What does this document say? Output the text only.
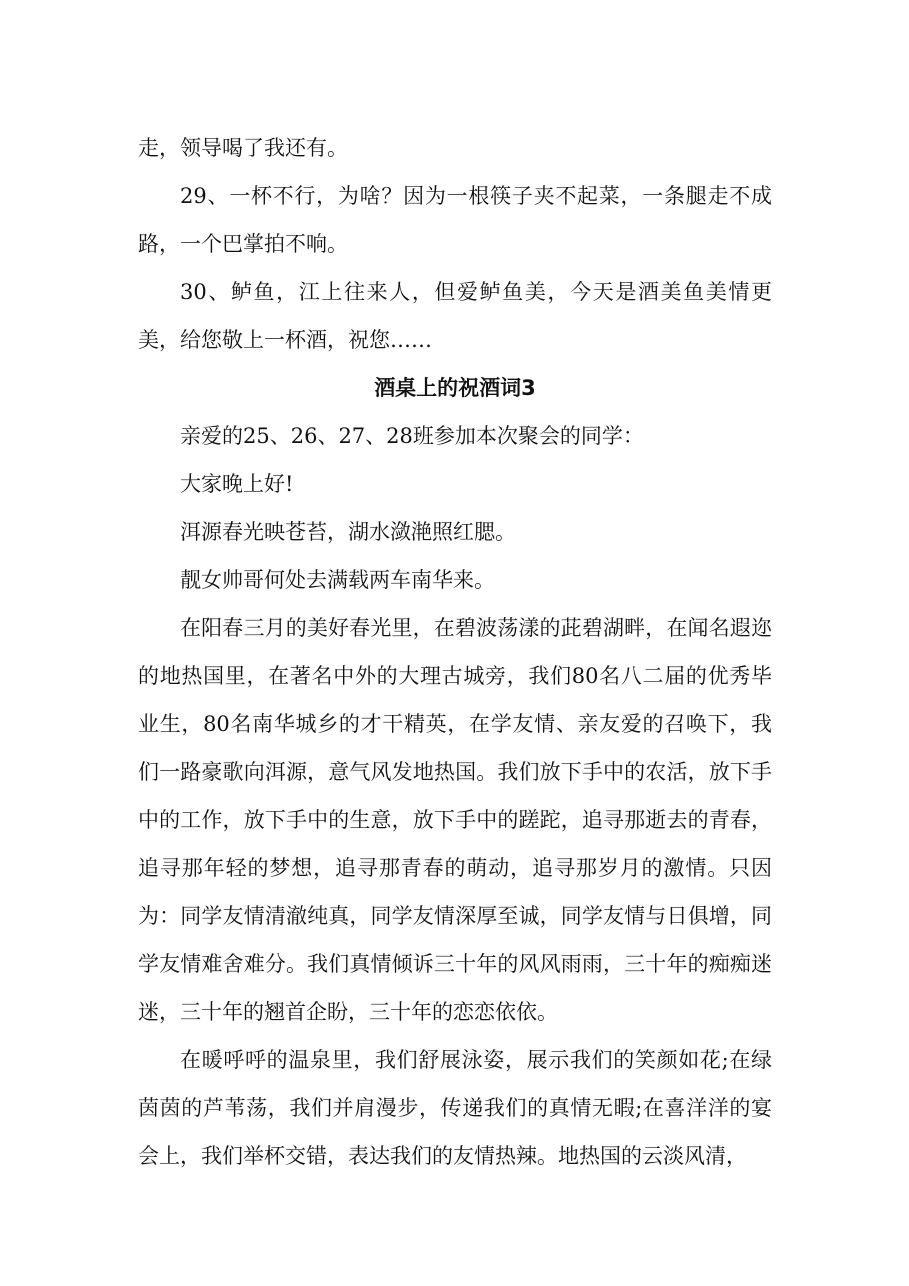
走，领导喝了我还有。

29、一杯不行，为啥？因为一根筷子夹不起菜，一条腿走不成路，一个巴掌拍不响。

30、鲈鱼，江上往来人，但爱鲈鱼美，今天是酒美鱼美情更美，给您敬上一杯酒，祝您……

酒桌上的祝酒词3

亲爱的25、26、27、28班参加本次聚会的同学：

大家晚上好!

洱源春光映苍苔，湖水潋滟照红腮。

靓女帅哥何处去满载两车南华来。

在阳春三月的美好春光里，在碧波荡漾的茈碧湖畔，在闻名遐迩的地热国里，在著名中外的大理古城旁，我们80名八二届的优秀毕业生，80名南华城乡的才干精英，在学友情、亲友爱的召唤下，我们一路豪歌向洱源，意气风发地热国。我们放下手中的农活，放下手中的工作，放下手中的生意，放下手中的蹉跎，追寻那逝去的青春，追寻那年轻的梦想，追寻那青春的萌动，追寻那岁月的激情。只因为：同学友情清澈纯真，同学友情深厚至诚，同学友情与日俱增，同学友情难舍难分。我们真情倾诉三十年的风风雨雨，三十年的痴痴迷迷，三十年的翘首企盼，三十年的恋恋依依。

在暖呼呼的温泉里，我们舒展泳姿，展示我们的笑颜如花;在绿茵茵的芦苇荡，我们并肩漫步，传递我们的真情无暇;在喜洋洋的宴会上，我们举杯交错，表达我们的友情热辣。地热国的云淡风清，
